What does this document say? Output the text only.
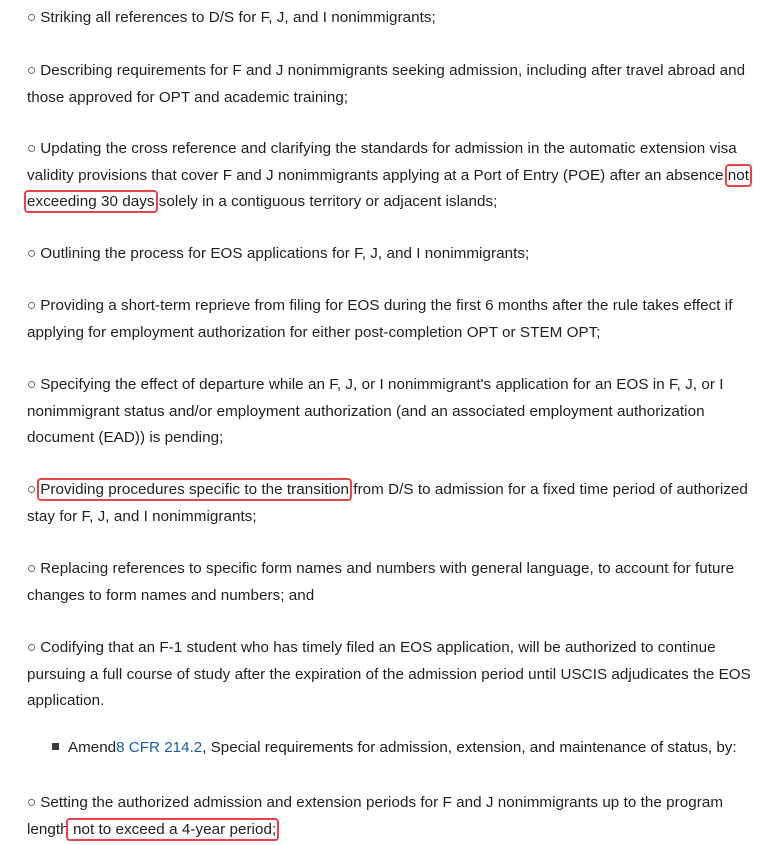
○ Striking all references to D/S for F, J, and I nonimmigrants;

○ Describing requirements for F and J nonimmigrants seeking admission, including after travel abroad and those approved for OPT and academic training;

○ Updating the cross reference and clarifying the standards for admission in the automatic extension visa validity provisions that cover F and J nonimmigrants applying at a Port of Entry (POE) after an absence not exceeding 30 days solely in a contiguous territory or adjacent islands;

○ Outlining the process for EOS applications for F, J, and I nonimmigrants;

○ Providing a short-term reprieve from filing for EOS during the first 6 months after the rule takes effect if applying for employment authorization for either post-completion OPT or STEM OPT;

○ Specifying the effect of departure while an F, J, or I nonimmigrant's application for an EOS in F, J, or I nonimmigrant status and/or employment authorization (and an associated employment authorization document (EAD)) is pending;

○ Providing procedures specific to the transition from D/S to admission for a fixed time period of authorized stay for F, J, and I nonimmigrants;

○ Replacing references to specific form names and numbers with general language, to account for future changes to form names and numbers; and

○ Codifying that an F-1 student who has timely filed an EOS application, will be authorized to continue pursuing a full course of study after the expiration of the admission period until USCIS adjudicates the EOS application.

Amend8 CFR 214.2, Special requirements for admission, extension, and maintenance of status, by:

○ Setting the authorized admission and extension periods for F and J nonimmigrants up to the program length not to exceed a 4-year period;
